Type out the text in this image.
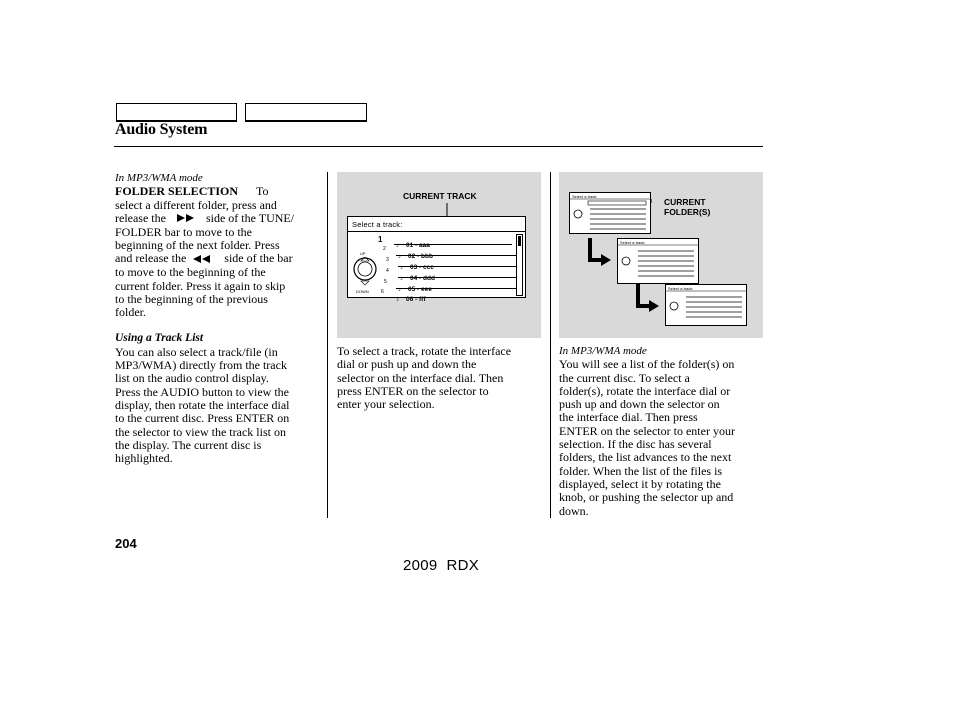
Audio System

In MP3/WMA mode

FOLDER SELECTION To

select a different folder, press and

release the	side of the TUNE/

FOLDER bar to move to the

beginning of the next folder. Press

and release the	side of the bar

to move to the beginning of the

current folder. Press it again to skip

to the beginning of the previous

folder.

Using a Track List

You can also select a track/file (in

MP3/WMA) directly from the track

list on the audio control display.

Press the AUDIO button to view the

display, then rotate the interface dial

to the current disc. Press ENTER on

the selector to view the track list on

the display. The current disc is

highlighted.

CURRENT TRACK
Select a track:
UP
DOWN
1
2
3
4
5
6
♪ 01 - aaa
♪ 02 - bbb
♪ 03 - ccc
♪ 04 - ddd
♪ 05 - eee
♪ 06 - fff

To select a track, rotate the interface

dial or push up and down the

selector on the interface dial. Then

press ENTER on the selector to

enter your selection.

CURRENT
FOLDER(S)
Select a track:
Select a track:
Select a track:

In MP3/WMA mode

You will see a list of the folder(s) on

the current disc. To select a

folder(s), rotate the interface dial or

push up and down the selector on

the interface dial. Then press

ENTER on the selector to enter your

selection. If the disc has several

folders, the list advances to the next

folder. When the list of the files is

displayed, select it by rotating the

knob, or pushing the selector up and

down.

204
2009  RDX
